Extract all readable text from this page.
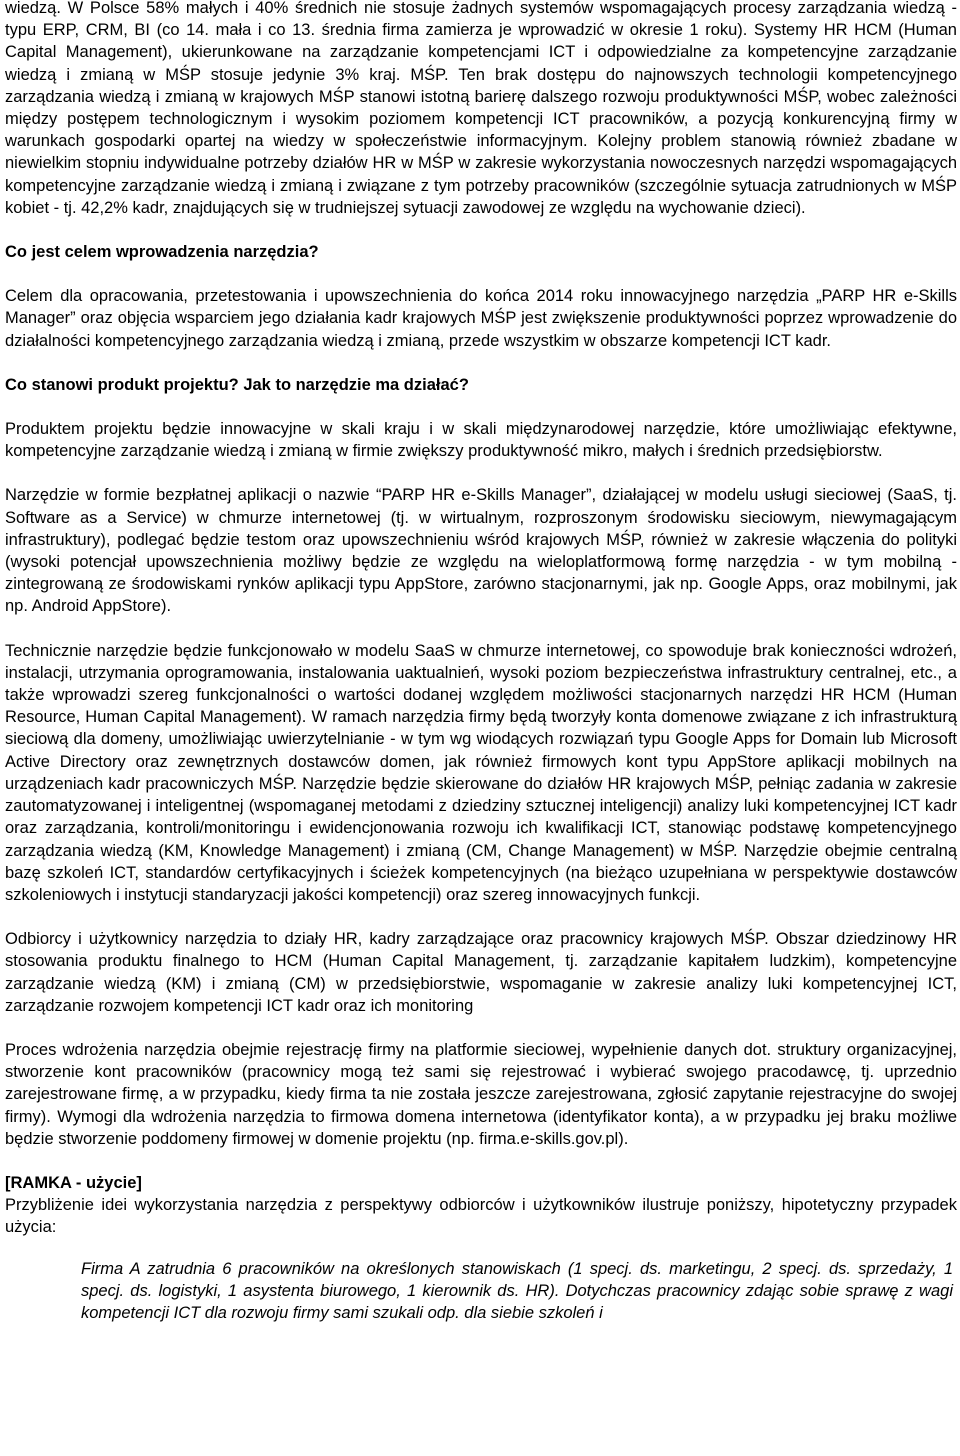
wiedzą. W Polsce 58% małych i 40% średnich nie stosuje żadnych systemów wspomagających procesy zarządzania wiedzą - typu ERP, CRM, BI (co 14. mała i co 13. średnia firma zamierza je wprowadzić w okresie 1 roku). Systemy HR HCM (Human Capital Management), ukierunkowane na zarządzanie kompetencjami ICT i odpowiedzialne za kompetencyjne zarządzanie wiedzą i zmianą w MŚP stosuje jedynie 3% kraj. MŚP. Ten brak dostępu do najnowszych technologii kompetencyjnego zarządzania wiedzą i zmianą w krajowych MŚP stanowi istotną barierę dalszego rozwoju produktywności MŚP, wobec zależności między postępem technologicznym i wysokim poziomem kompetencji ICT pracowników, a pozycją konkurencyjną firmy w warunkach gospodarki opartej na wiedzy w społeczeństwie informacyjnym. Kolejny problem stanowią również zbadane w niewielkim stopniu indywidualne potrzeby działów HR w MŚP w zakresie wykorzystania nowoczesnych narzędzi wspomagających kompetencyjne zarządzanie wiedzą i zmianą i związane z tym potrzeby pracowników (szczególnie sytuacja zatrudnionych w MŚP kobiet - tj. 42,2% kadr, znajdujących się w trudniejszej sytuacji zawodowej ze względu na wychowanie dzieci).

Co jest celem wprowadzenia narzędzia?

Celem dla opracowania, przetestowania i upowszechnienia do końca 2014 roku innowacyjnego narzędzia „PARP HR e-Skills Manager” oraz objęcia wsparciem jego działania kadr krajowych MŚP jest zwiększenie produktywności poprzez wprowadzenie do działalności kompetencyjnego zarządzania wiedzą i zmianą, przede wszystkim w obszarze kompetencji ICT kadr.

Co stanowi produkt projektu? Jak to narzędzie ma działać?

Produktem projektu będzie innowacyjne w skali kraju i w skali międzynarodowej narzędzie, które umożliwiając efektywne, kompetencyjne zarządzanie wiedzą i zmianą w firmie zwiększy produktywność mikro, małych i średnich przedsiębiorstw.

Narzędzie w formie bezpłatnej aplikacji o nazwie “PARP HR e-Skills Manager”, działającej w modelu usługi sieciowej (SaaS, tj. Software as a Service) w chmurze internetowej (tj. w wirtualnym, rozproszonym środowisku sieciowym, niewymagającym infrastruktury), podlegać będzie testom oraz upowszechnieniu wśród krajowych MŚP, również w zakresie włączenia do polityki (wysoki potencjał upowszechnienia możliwy będzie ze względu na wieloplatformową formę narzędzia - w tym mobilną - zintegrowaną ze środowiskami rynków aplikacji typu AppStore, zarówno stacjonarnymi, jak np. Google Apps, oraz mobilnymi, jak np. Android AppStore).

Technicznie narzędzie będzie funkcjonowało w modelu SaaS w chmurze internetowej, co spowoduje brak konieczności wdrożeń, instalacji, utrzymania oprogramowania, instalowania uaktualnień, wysoki poziom bezpieczeństwa infrastruktury centralnej, etc., a także wprowadzi szereg funkcjonalności o wartości dodanej względem możliwości stacjonarnych narzędzi HR HCM (Human Resource, Human Capital Management). W ramach narzędzia firmy będą tworzyły konta domenowe związane z ich infrastrukturą sieciową dla domeny, umożliwiając uwierzytelnianie - w tym wg wiodących rozwiązań typu Google Apps for Domain lub Microsoft Active Directory oraz zewnętrznych dostawców domen, jak również firmowych kont typu AppStore aplikacji mobilnych na urządzeniach kadr pracowniczych MŚP. Narzędzie będzie skierowane do działów HR krajowych MŚP, pełniąc zadania w zakresie zautomatyzowanej i inteligentnej (wspomaganej metodami z dziedziny sztucznej inteligencji) analizy luki kompetencyjnej ICT kadr oraz zarządzania, kontroli/monitoringu i ewidencjonowania rozwoju ich kwalifikacji ICT, stanowiąc podstawę kompetencyjnego zarządzania wiedzą (KM, Knowledge Management) i zmianą (CM, Change Management) w MŚP. Narzędzie obejmie centralną bazę szkoleń ICT, standardów certyfikacyjnych i ścieżek kompetencyjnych (na bieżąco uzupełniana w perspektywie dostawców szkoleniowych i instytucji standaryzacji jakości kompetencji) oraz szereg innowacyjnych funkcji.

Odbiorcy i użytkownicy narzędzia to działy HR, kadry zarządzające oraz pracownicy krajowych MŚP. Obszar dziedzinowy HR stosowania produktu finalnego to HCM (Human Capital Management, tj. zarządzanie kapitałem ludzkim), kompetencyjne zarządzanie wiedzą (KM) i zmianą (CM) w przedsiębiorstwie, wspomaganie w zakresie analizy luki kompetencyjnej ICT, zarządzanie rozwojem kompetencji ICT kadr oraz ich monitoring

Proces wdrożenia narzędzia obejmie rejestrację firmy na platformie sieciowej, wypełnienie danych dot. struktury organizacyjnej, stworzenie kont pracowników (pracownicy mogą też sami się rejestrować i wybierać swojego pracodawcę, tj. uprzednio zarejestrowane firmę, a w przypadku, kiedy firma ta nie została jeszcze zarejestrowana, zgłosić zapytanie rejestracyjne do swojej firmy). Wymogi dla wdrożenia narzędzia to firmowa domena internetowa (identyfikator konta), a w przypadku jej braku możliwe będzie stworzenie poddomeny firmowej w domenie projektu (np. firma.e-skills.gov.pl).

[RAMKA - użycie]

Przybliżenie idei wykorzystania narzędzia z perspektywy odbiorców i użytkowników ilustruje poniższy, hipotetyczny przypadek użycia:

Firma A zatrudnia 6 pracowników na określonych stanowiskach (1 specj. ds. marketingu, 2 specj. ds. sprzedaży, 1 specj. ds. logistyki, 1 asystenta biurowego, 1 kierownik ds. HR). Dotychczas pracownicy zdając sobie sprawę z wagi kompetencji ICT dla rozwoju firmy sami szukali odp. dla siebie szkoleń i
